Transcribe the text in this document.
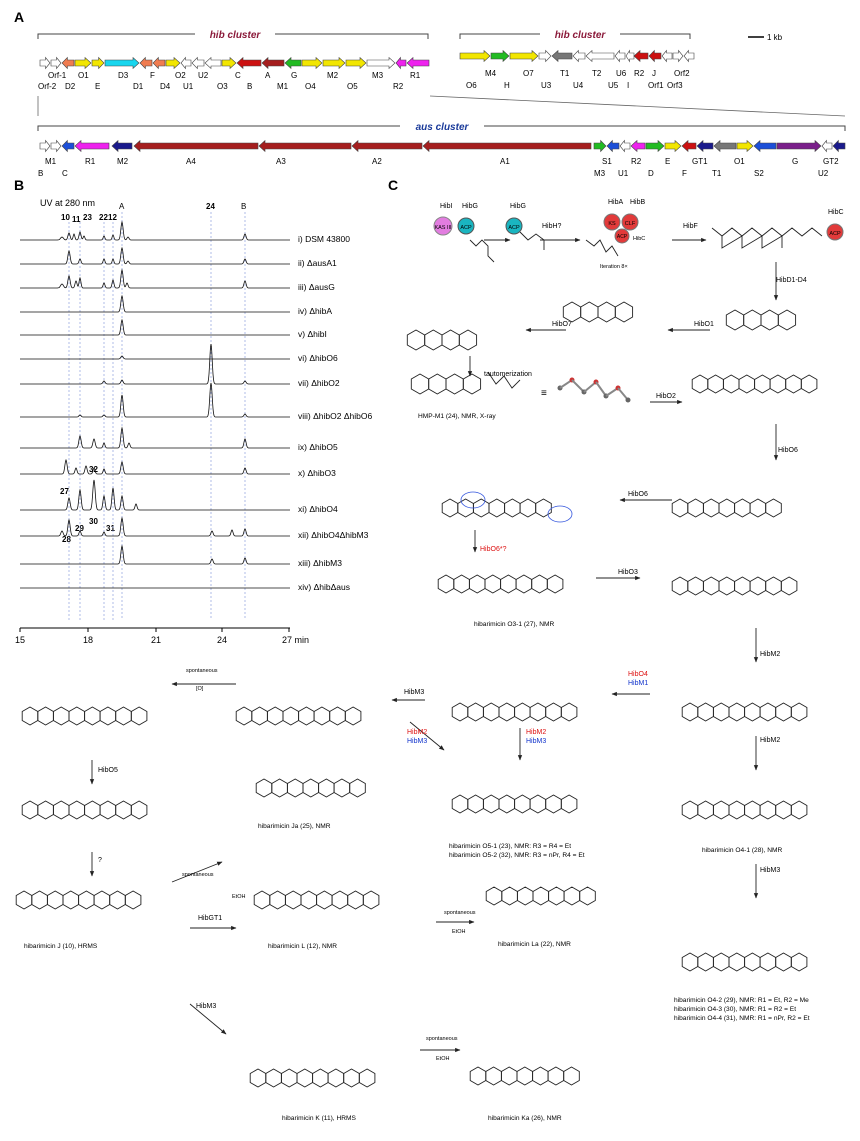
A
B	C
hib cluster	hib cluster	1 kb
Orf-1 O1	D3	F	O2 U2	C	A	G	M2	M3	R1
Orf-2 D2 E	D1 D4 U1	O3 B	M1 O4	O5	R2
M4	O7	T1	T2 U6 R2 J Orf2
O6	H	U3	U4	U5 I Orf1 Orf3
aus cluster
M1	R1	M2	A4	A3	A2	A1	S1 R2	E	GT1	O1	G	GT2
B C	M3 U1 D	F	T1	S2	U2
UV at 280 nm
10 11 23 22 12
A	24	B
32
27
30
29	31
28
i) DSM 43800
ii) ΔausA1
iii) ΔausG
iv) ΔhibA
v) ΔhibI
vi) ΔhibO6
vii) ΔhibO2
viii) ΔhibO2 ΔhibO6
ix) ΔhibO5
x) ΔhibO3
xi) ΔhibO4
xii) ΔhibO4ΔhibM3
xiii) ΔhibM3
xiv) ΔhibΔaus
15	18	21	24	27 min
HibI
KAS III
HibG
ACP
HibG
ACP
HibA HibB
KS CLF
ACP HibC
Iteration 8×
HibC
ACP
HibH?	HibF
HibD1-D4
HibO1
HibO7
tautomerization
≡	HibO2
HibO6
HibO6
HibO6*?
HibO3
HibM2
HibO4
HibM1
HibM3
HibM2
HibM2
HibM3
HibM2
HibM3
HibM3
HibO5
?
HibGT1
HibM3
spontaneous
[O]
spontaneous
EtOH
spontaneous
EtOH
spontaneous
EtOH
HMP-M1 (24), NMR, X-ray
hibarimicin O3-1 (27), NMR
hibarimicin O4-1 (28), NMR
hibarimicin O5-1 (23), NMR: R3 = R4 = Et
hibarimicin O5-2 (32), NMR: R3 = nPr, R4 = Et
hibarimicin Ja (25), NMR
hibarimicin J (10), HRMS	hibarimicin L (12), NMR	hibarimicin La (22), NMR
hibarimicin O4-2 (29), NMR: R1 = Et, R2 = Me
hibarimicin O4-3 (30), NMR: R1 = R2 = Et
hibarimicin O4-4 (31), NMR: R1 = nPr, R2 = Et
hibarimicin K (11), HRMS	hibarimicin Ka (26), NMR
